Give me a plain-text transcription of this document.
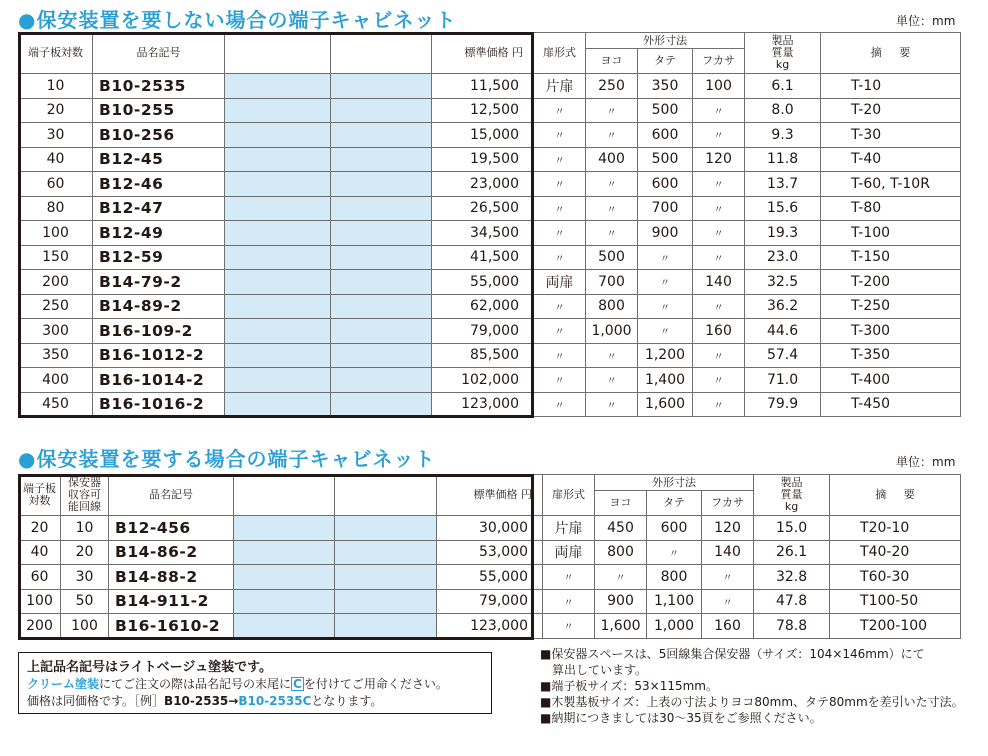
●保安装置を要しない場合の端子キャビネット	単位：mm
端子板対数	品名記号			標準価格 円	扉形式	外形寸法			製品
質量
kg	摘 要
						ヨコ	タテ	フカサ		
10	B10-2535			11,500	片扉	250	350	100	6.1	T-10
20	B10-255			12,500	〃	〃	500	〃	8.0	T-20
30	B10-256			15,000	〃	〃	600	〃	9.3	T-30
40	B12-45			19,500	〃	400	500	120	11.8	T-40
60	B12-46			23,000	〃	〃	600	〃	13.7	T-60, T-10R
80	B12-47			26,500	〃	〃	700	〃	15.6	T-80
100	B12-49			34,500	〃	〃	900	〃	19.3	T-100
150	B12-59			41,500	〃	500	〃	〃	23.0	T-150
200	B14-79-2			55,000	両扉	700	〃	140	32.5	T-200
250	B14-89-2			62,000	〃	800	〃	〃	36.2	T-250
300	B16-109-2			79,000	〃	1,000	〃	160	44.6	T-300
350	B16-1012-2			85,500	〃	〃	1,200	〃	57.4	T-350
400	B16-1014-2			102,000	〃	〃	1,400	〃	71.0	T-400
450	B16-1016-2			123,000	〃	〃	1,600	〃	79.9	T-450
●保安装置を要する場合の端子キャビネット	単位：mm
端子板
対数	保安器
収容可
能回線	品名記号			標準価格 円	扉形式	外形寸法			製品
質量
kg	摘 要
							ヨコ	タテ	フカサ		
20	10	B12-456			30,000	片扉	450	600	120	15.0	T20-10
40	20	B14-86-2			53,000	両扉	800	〃	140	26.1	T40-20
60	30	B14-88-2			55,000	〃	〃	800	〃	32.8	T60-30
100	50	B14-911-2			79,000	〃	900	1,100	〃	47.8	T100-50
200	100	B16-1610-2			123,000	〃	1,600	1,000	160	78.8	T200-100
上記品名記号はライトベージュ塗装です。
クリーム塗装にてご注文の際は品名記号の末尾に C を付けてご用命ください。
価格は同価格です。［例］B10-2535→B10-2535Cとなります。
■保安器スペースは、5回線集合保安器（サイズ：104×146mm）にて
算出しています。
■端子板サイズ：53×115mm。
■木製基板サイズ：上表の寸法よりヨコ80mm、タテ80mmを差引いた寸法。
■納期につきましては30～35頁をご参照ください。
